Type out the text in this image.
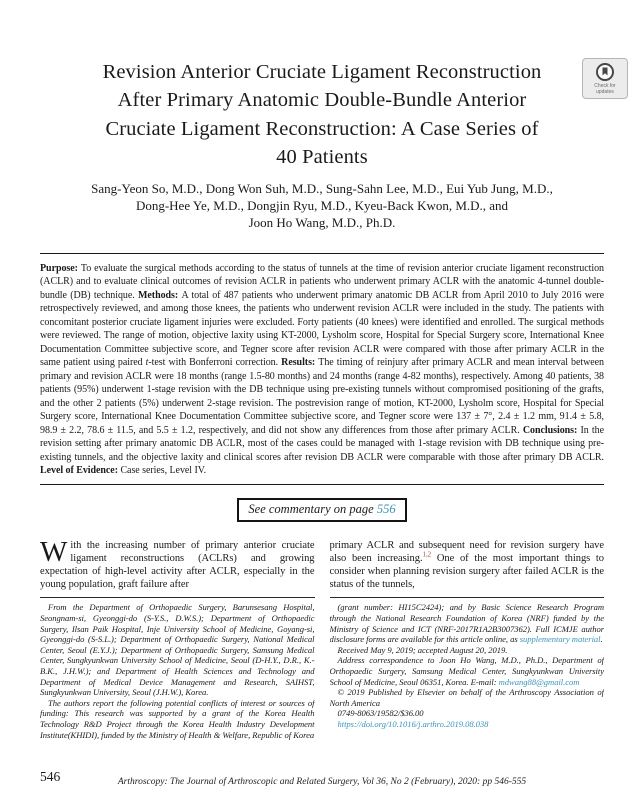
Check for
updates
Revision Anterior Cruciate Ligament Reconstruction
After Primary Anatomic Double-Bundle Anterior
Cruciate Ligament Reconstruction: A Case Series of
40 Patients
Sang-Yeon So, M.D., Dong Won Suh, M.D., Sung-Sahn Lee, M.D., Eui Yub Jung, M.D.,
Dong-Hee Ye, M.D., Dongjin Ryu, M.D., Kyeu-Back Kwon, M.D., and
Joon Ho Wang, M.D., Ph.D.

Purpose: To evaluate the surgical methods according to the status of tunnels at the time of revision anterior cruciate ligament reconstruction (ACLR) and to evaluate clinical outcomes of revision ACLR in patients who underwent primary ACLR with the anatomic 4-tunnel double-bundle (DB) technique. Methods: A total of 487 patients who underwent primary anatomic DB ACLR from April 2010 to July 2016 were retrospectively reviewed, and among those knees, the patients who underwent revision ACLR were included in the study. The patients with concomitant posterior cruciate ligament injuries were excluded. Forty patients (40 knees) were identified and enrolled. The surgical methods were reviewed. The range of motion, objective laxity using KT-2000, Lysholm score, Hospital for Special Surgery score, International Knee Documentation Committee subjective score, and Tegner score after revision ACLR were compared with those after primary ACLR in the same patient using paired t-test with Bonferroni correction. Results: The timing of reinjury after primary ACLR and mean interval between primary and revision ACLR were 18 months (range 1.5-80 months) and 24 months (range 4-82 months), respectively. Among 40 patients, 38 patients (95%) underwent 1-stage revision with the DB technique using pre-existing tunnels without compromised positioning of the grafts, and the other 2 patients (5%) underwent 2-stage revision. The postrevision range of motion, KT-2000, Lysholm score, Hospital for Special Surgery score, International Knee Documentation Committee subjective score, and Tegner score were 137 ± 7°, 2.4 ± 1.2 mm, 91.4 ± 5.8, 98.9 ± 2.2, 78.6 ± 11.5, and 5.5 ± 1.2, respectively, and did not show any differences from those after primary ACLR. Conclusions: In the revision setting after primary anatomic DB ACLR, most of the cases could be managed with 1-stage revision with DB technique using pre-existing tunnels, and the objective laxity and clinical scores after revision DB ACLR were comparable with those after primary DB ACLR. Level of Evidence: Case series, Level IV.

See commentary on page 556

With the increasing number of primary anterior cruciate ligament reconstructions (ACLRs) and growing expectation of high-level activity after ACLR, especially in the young population, graft failure after

From the Department of Orthopaedic Surgery, Barunsesang Hospital, Seongnam-si, Gyeonggi-do (S-Y.S., D.W.S.); Department of Orthopaedic Surgery, Ilsan Paik Hospital, Inje University School of Medicine, Goyang-si, Gyeonggi-do (S-S.L.); Department of Orthopaedic Surgery, National Medical Center, Seoul (E.Y.J.); Department of Orthopaedic Surgery, Samsung Medical Center, Sungkyunkwan University School of Medicine, Seoul (D-H.Y., D.R., K.-B.K., J.H.W.); and Department of Health Sciences and Technology and Department of Medical Device Management and Research, SAIHST, Sungkyunkwan University, Seoul (J.H.W.), Korea.

The authors report the following potential conflicts of interest or sources of funding: This research was supported by a grant of the Korea Health Technology R&D Project through the Korea Health Industry Development Institute(KHIDI), funded by the Ministry of Health & Welfare, Republic of Korea

primary ACLR and subsequent need for revision surgery have also been increasing.$^{1,2}$ One of the most important things to consider when planning revision surgery after failed ACLR is the status of the tunnels,

(grant number: HI15C2424); and by Basic Science Research Program through the National Research Foundation of Korea (NRF) funded by the Ministry of Science and ICT (NRF-2017R1A2B3007362). Full ICMJE author disclosure forms are available for this article online, as supplementary material.

Received May 9, 2019; accepted August 20, 2019.

Address correspondence to Joon Ho Wang, M.D., Ph.D., Department of Orthopaedic Surgery, Samsung Medical Center, Sungkyunkwan University School of Medicine, Seoul 06351, Korea. E-mail: mdwang88@gmail.com

© 2019 Published by Elsevier on behalf of the Arthroscopy Association of North America

0749-8063/19582/$36.00

https://doi.org/10.1016/j.arthro.2019.08.038

546	Arthroscopy: The Journal of Arthroscopic and Related Surgery, Vol 36, No 2 (February), 2020: pp 546-555
